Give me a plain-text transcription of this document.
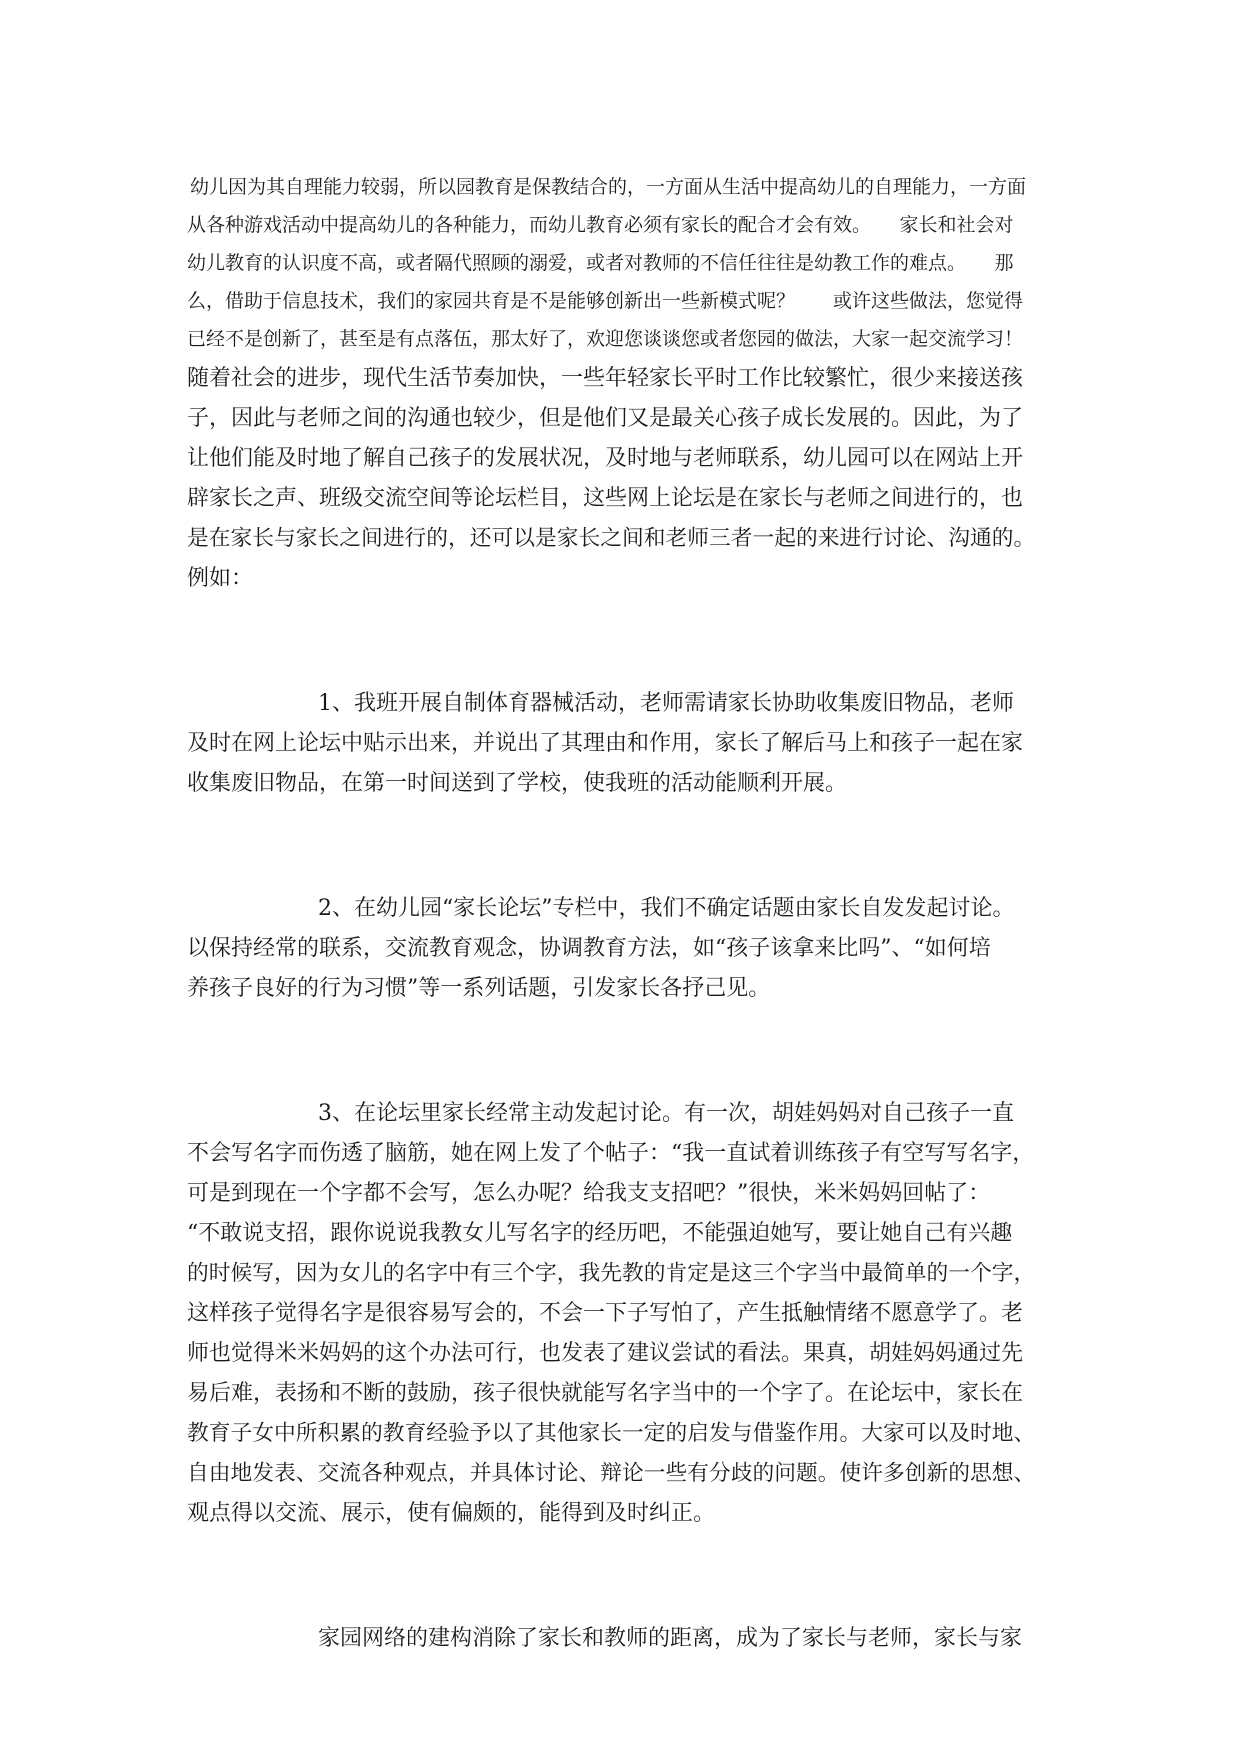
幼儿因为其自理能力较弱，所以园教育是保教结合的，一方面从生活中提高幼儿的自理能力，一方面
从各种游戏活动中提高幼儿的各种能力，而幼儿教育必须有家长的配合才会有效。　　家长和社会对
幼儿教育的认识度不高，或者隔代照顾的溺爱，或者对教师的不信任往往是幼教工作的难点。　　那
么，借助于信息技术，我们的家园共育是不是能够创新出一些新模式呢？　　或许这些做法，您觉得
已经不是创新了，甚至是有点落伍，那太好了，欢迎您谈谈您或者您园的做法，大家一起交流学习！
随着社会的进步，现代生活节奏加快，一些年轻家长平时工作比较繁忙，很少来接送孩
子，因此与老师之间的沟通也较少，但是他们又是最关心孩子成长发展的。因此，为了
让他们能及时地了解自己孩子的发展状况，及时地与老师联系，幼儿园可以在网站上开
辟家长之声、班级交流空间等论坛栏目，这些网上论坛是在家长与老师之间进行的，也
是在家长与家长之间进行的，还可以是家长之间和老师三者一起的来进行讨论、沟通的。
例如：
1、我班开展自制体育器械活动，老师需请家长协助收集废旧物品，老师
及时在网上论坛中贴示出来，并说出了其理由和作用，家长了解后马上和孩子一起在家
收集废旧物品，在第一时间送到了学校，使我班的活动能顺利开展。
2、在幼儿园“家长论坛”专栏中，我们不确定话题由家长自发发起讨论。
以保持经常的联系，交流教育观念，协调教育方法，如“孩子该拿来比吗”、“如何培
养孩子良好的行为习惯”等一系列话题，引发家长各抒己见。
3、在论坛里家长经常主动发起讨论。有一次，胡娃妈妈对自己孩子一直
不会写名字而伤透了脑筋，她在网上发了个帖子：“我一直试着训练孩子有空写写名字，
可是到现在一个字都不会写，怎么办呢？给我支支招吧？”很快，米米妈妈回帖了：
“不敢说支招，跟你说说我教女儿写名字的经历吧，不能强迫她写，要让她自己有兴趣
的时候写，因为女儿的名字中有三个字，我先教的肯定是这三个字当中最简单的一个字，
这样孩子觉得名字是很容易写会的，不会一下子写怕了，产生抵触情绪不愿意学了。老
师也觉得米米妈妈的这个办法可行，也发表了建议尝试的看法。果真，胡娃妈妈通过先
易后难，表扬和不断的鼓励，孩子很快就能写名字当中的一个字了。在论坛中，家长在
教育子女中所积累的教育经验予以了其他家长一定的启发与借鉴作用。大家可以及时地、
自由地发表、交流各种观点，并具体讨论、辩论一些有分歧的问题。使许多创新的思想、
观点得以交流、展示，使有偏颇的，能得到及时纠正。
家园网络的建构消除了家长和教师的距离，成为了家长与老师，家长与家
